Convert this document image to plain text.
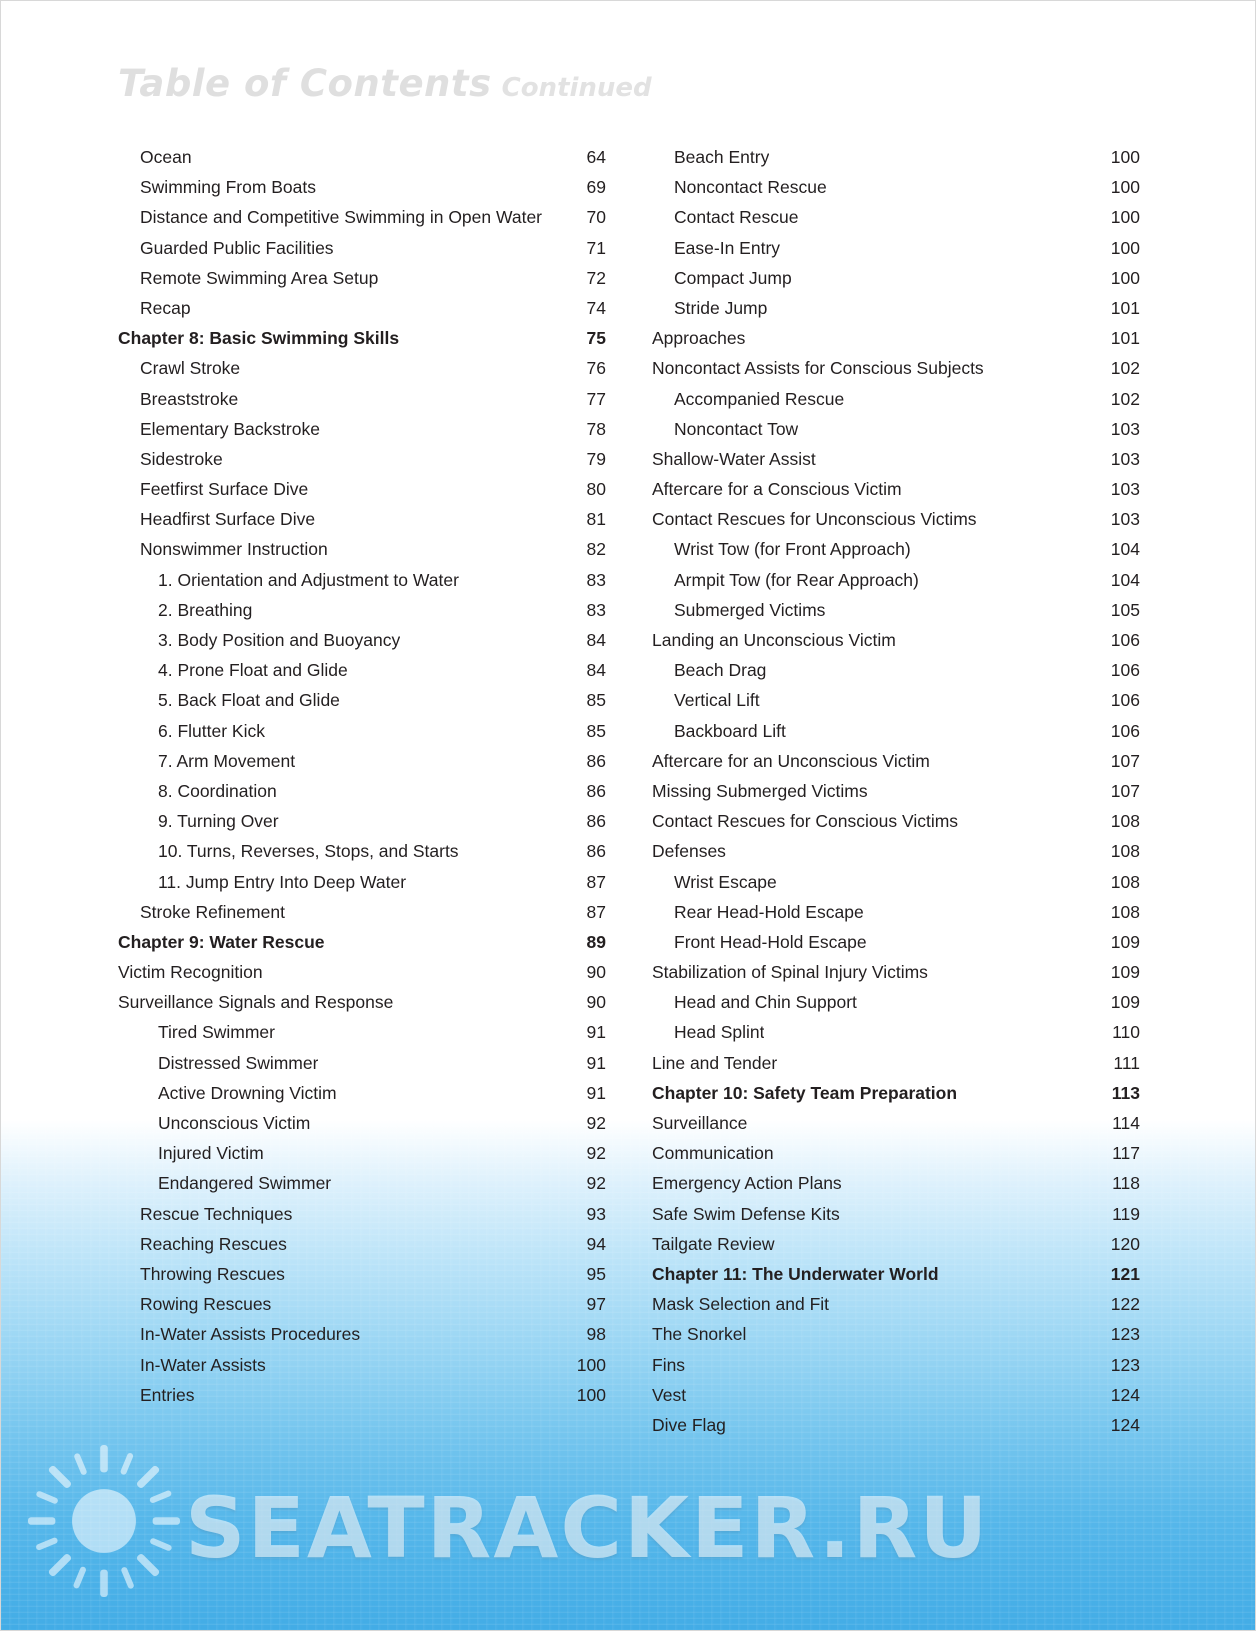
Table of Contents Continued
Ocean	64
Swimming From Boats	69
Distance and Competitive Swimming in Open Water	70
Guarded Public Facilities	71
Remote Swimming Area Setup	72
Recap	74
Chapter 8: Basic Swimming Skills	75
Crawl Stroke	76
Breaststroke	77
Elementary Backstroke	78
Sidestroke	79
Feetfirst Surface Dive	80
Headfirst Surface Dive	81
Nonswimmer Instruction	82
1. Orientation and Adjustment to Water	83
2. Breathing	83
3. Body Position and Buoyancy	84
4. Prone Float and Glide	84
5. Back Float and Glide	85
6. Flutter Kick	85
7. Arm Movement	86
8. Coordination	86
9. Turning Over	86
10. Turns, Reverses, Stops, and Starts	86
11. Jump Entry Into Deep Water	87
Stroke Refinement	87
Chapter 9: Water Rescue	89
Victim Recognition	90
Surveillance Signals and Response	90
Tired Swimmer	91
Distressed Swimmer	91
Active Drowning Victim	91
Unconscious Victim	92
Injured Victim	92
Endangered Swimmer	92
Rescue Techniques	93
Reaching Rescues	94
Throwing Rescues	95
Rowing Rescues	97
In-Water Assists Procedures	98
In-Water Assists	100
Entries	100
Beach Entry	100
Noncontact Rescue	100
Contact Rescue	100
Ease-In Entry	100
Compact Jump	100
Stride Jump	101
Approaches	101
Noncontact Assists for Conscious Subjects	102
Accompanied Rescue	102
Noncontact Tow	103
Shallow-Water Assist	103
Aftercare for a Conscious Victim	103
Contact Rescues for Unconscious Victims	103
Wrist Tow (for Front Approach)	104
Armpit Tow (for Rear Approach)	104
Submerged Victims	105
Landing an Unconscious Victim	106
Beach Drag	106
Vertical Lift	106
Backboard Lift	106
Aftercare for an Unconscious Victim	107
Missing Submerged Victims	107
Contact Rescues for Conscious Victims	108
Defenses	108
Wrist Escape	108
Rear Head-Hold Escape	108
Front Head-Hold Escape	109
Stabilization of Spinal Injury Victims	109
Head and Chin Support	109
Head Splint	110
Line and Tender	111
Chapter 10: Safety Team Preparation	113
Surveillance	114
Communication	117
Emergency Action Plans	118
Safe Swim Defense Kits	119
Tailgate Review	120
Chapter 11: The Underwater World	121
Mask Selection and Fit	122
The Snorkel	123
Fins	123
Vest	124
Dive Flag	124
SEATRACKER.RU
